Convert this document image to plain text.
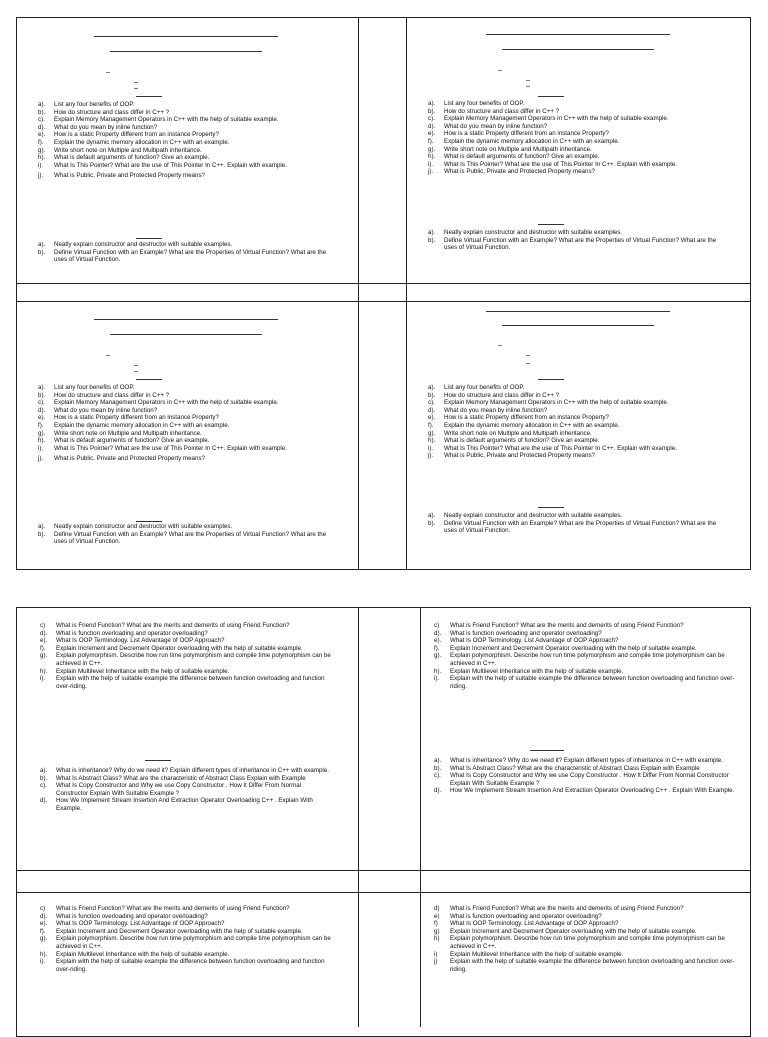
a).	List any four benefits of OOP.
b).	How do structure and class differ in C++ ?
c).	Explain Memory Management Operators in C++ with the help of suitable example.
d).	What do you mean by inline function?
e).	How is a static Property different from an instance Property?
f).	Explain the dynamic memory allocation in C++ with an example.
g).	Write short note on Multiple and Multipath inheritance.
h).	What is default arguments of function? Give an example.
i).	What Is This Pointer? What are the use of This Pointer In C++. Explain with example.
j).	What is Public, Private and Protected Property means?
a).	Neatly explain constructor and destructor with suitable examples.
b).	Define Virtual Function with an Example? What are the Properties of Virtual Function? What are the uses of Virtual Function.
a).	List any four benefits of OOP.
b).	How do structure and class differ in C++ ?
c).	Explain Memory Management Operators in C++ with the help of suitable example.
d).	What do you mean by inline function?
e).	How is a static Property different from an instance Property?
f).	Explain the dynamic memory allocation in C++ with an example.
g).	Write short note on Multiple and Multipath inheritance.
h).	What is default arguments of function? Give an example.
i).	What Is This Pointer? What are the use of This Pointer In C++. Explain with example.
j).	What is Public, Private and Protected Property means?
a).	Neatly explain constructor and destructor with suitable examples.
b).	Define Virtual Function with an Example? What are the Properties of Virtual Function? What are the uses of Virtual Function.
a).	List any four benefits of OOP.
b).	How do structure and class differ in C++ ?
c).	Explain Memory Management Operators in C++ with the help of suitable example.
d).	What do you mean by inline function?
e).	How is a static Property different from an instance Property?
f).	Explain the dynamic memory allocation in C++ with an example.
g).	Write short note on Multiple and Multipath inheritance.
h).	What is default arguments of function? Give an example.
i).	What Is This Pointer? What are the use of This Pointer In C++. Explain with example.
j).	What is Public, Private and Protected Property means?
a).	Neatly explain constructor and destructor with suitable examples.
b).	Define Virtual Function with an Example? What are the Properties of Virtual Function? What are the uses of Virtual Function.
a).	List any four benefits of OOP.
b).	How do structure and class differ in C++ ?
c).	Explain Memory Management Operators in C++ with the help of suitable example.
d).	What do you mean by inline function?
e).	How is a static Property different from an instance Property?
f).	Explain the dynamic memory allocation in C++ with an example.
g).	Write short note on Multiple and Multipath inheritance.
h).	What is default arguments of function? Give an example.
i).	What Is This Pointer? What are the use of This Pointer In C++. Explain with example.
j).	What is Public, Private and Protected Property means?
a).	Neatly explain constructor and destructor with suitable examples.
b).	Define Virtual Function with an Example? What are the Properties of Virtual Function? What are the uses of Virtual Function.
c)	What is Friend Function? What are the merits and demerits of using Friend Function?
d).	What is function overloading and operator overloading?
e).	What Is OOP Terminology. List Advantage of OOP Approach?
f).	Explain Increment and Decrement Operator overloading with the help of suitable example.
g).	Explain polymorphism. Describe how run time polymorphism and compile time polymorphism can be achieved in C++.
h).	Explain Multilevel Inheritance with the help of suitable example.
i).	Explain with the help of suitable example the difference between function overloading and function over-riding.
a).	What is inheritance? Why do we need it? Explain different types of inheritance in C++ with example.
b).	What Is Abstract Class? What are the characteristic of Abstract Class Explain with Example
c).	What Is Copy Constructor and Why we use Copy Constructor . How It Differ From Normal Constructor Explain With Suitable Example ?
d).	How We Implement Stream Insertion And Extraction Operator Overloading C++ . Explain With Example.
c)	What is Friend Function? What are the merits and demerits of using Friend Function?
d).	What is function overloading and operator overloading?
e).	What Is OOP Terminology. List Advantage of OOP Approach?
f).	Explain Increment and Decrement Operator overloading with the help of suitable example.
g).	Explain polymorphism. Describe how run time polymorphism and compile time polymorphism can be achieved in C++.
h).	Explain Multilevel Inheritance with the help of suitable example.
i).	Explain with the help of suitable example the difference between function overloading and function over-riding.
a).	What is inheritance? Why do we need it? Explain different types of inheritance in C++ with example.
b).	What Is Abstract Class? What are the characteristic of Abstract Class Explain with Example
c).	What Is Copy Constructor and Why we use Copy Constructor . How It Differ From Normal Constructor Explain With Suitable Example ?
d).	How We Implement Stream Insertion And Extraction Operator Overloading C++ . Explain With Example.
c)	What is Friend Function? What are the merits and demerits of using Friend Function?
d).	What is function overloading and operator overloading?
e).	What Is OOP Terminology. List Advantage of OOP Approach?
f).	Explain Increment and Decrement Operator overloading with the help of suitable example.
g).	Explain polymorphism. Describe how run time polymorphism and compile time polymorphism can be achieved in C++.
h).	Explain Multilevel Inheritance with the help of suitable example.
i).	Explain with the help of suitable example the difference between function overloading and function over-riding.
d)	What is Friend Function? What are the merits and demerits of using Friend Function?
e)	What is function overloading and operator overloading?
f)	What Is OOP Terminology. List Advantage of OOP Approach?
g)	Explain Increment and Decrement Operator overloading with the help of suitable example.
h)	Explain polymorphism. Describe how run time polymorphism and compile time polymorphism can be achieved in C++.
i)	Explain Multilevel Inheritance with the help of suitable example.
j)	Explain with the help of suitable example the difference between function overloading and function over-riding.
